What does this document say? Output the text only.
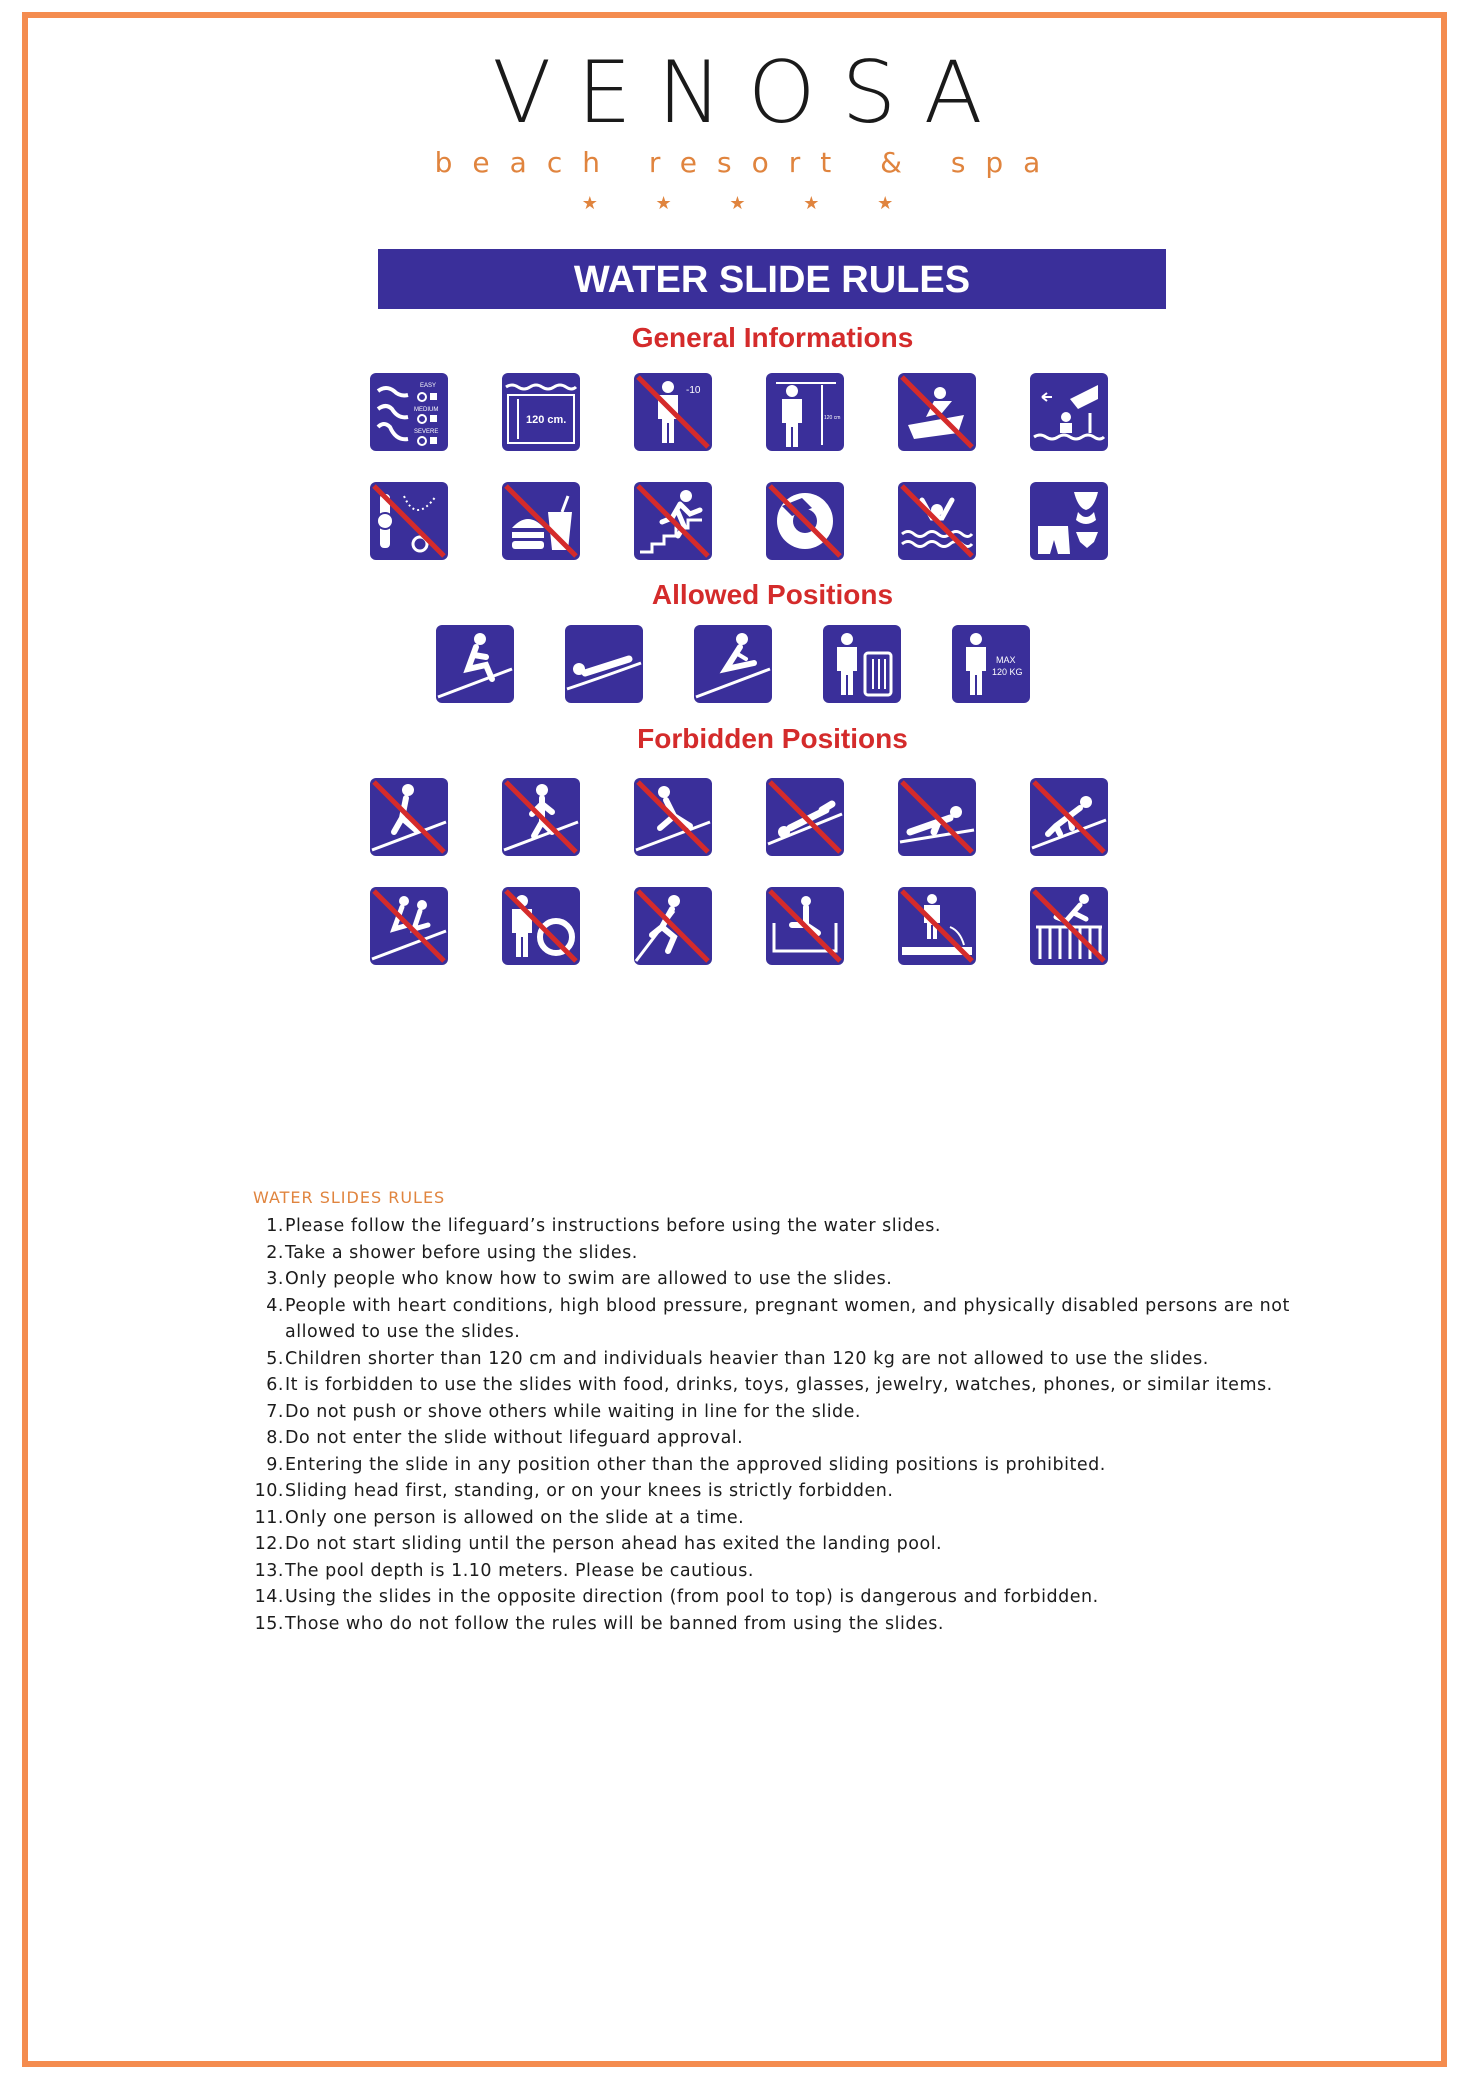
VENOSA
beach resort & spa
★ ★ ★ ★ ★
WATER SLIDE RULES
General Informations
EASY
MEDIUM
SEVERE
120 cm.
-10
120 cm
Allowed Positions
MAX
120 KG
Forbidden Positions
WATER SLIDES RULES
1. Please follow the lifeguard’s instructions before using the water slides.
2. Take a shower before using the slides.
3. Only people who know how to swim are allowed to use the slides.
4. People with heart conditions, high blood pressure, pregnant women, and physically disabled persons are not allowed to use the slides.
5. Children shorter than 120 cm and individuals heavier than 120 kg are not allowed to use the slides.
6. It is forbidden to use the slides with food, drinks, toys, glasses, jewelry, watches, phones, or similar items.
7. Do not push or shove others while waiting in line for the slide.
8. Do not enter the slide without lifeguard approval.
9. Entering the slide in any position other than the approved sliding positions is prohibited.
10. Sliding head first, standing, or on your knees is strictly forbidden.
11. Only one person is allowed on the slide at a time.
12. Do not start sliding until the person ahead has exited the landing pool.
13. The pool depth is 1.10 meters. Please be cautious.
14. Using the slides in the opposite direction (from pool to top) is dangerous and forbidden.
15. Those who do not follow the rules will be banned from using the slides.
